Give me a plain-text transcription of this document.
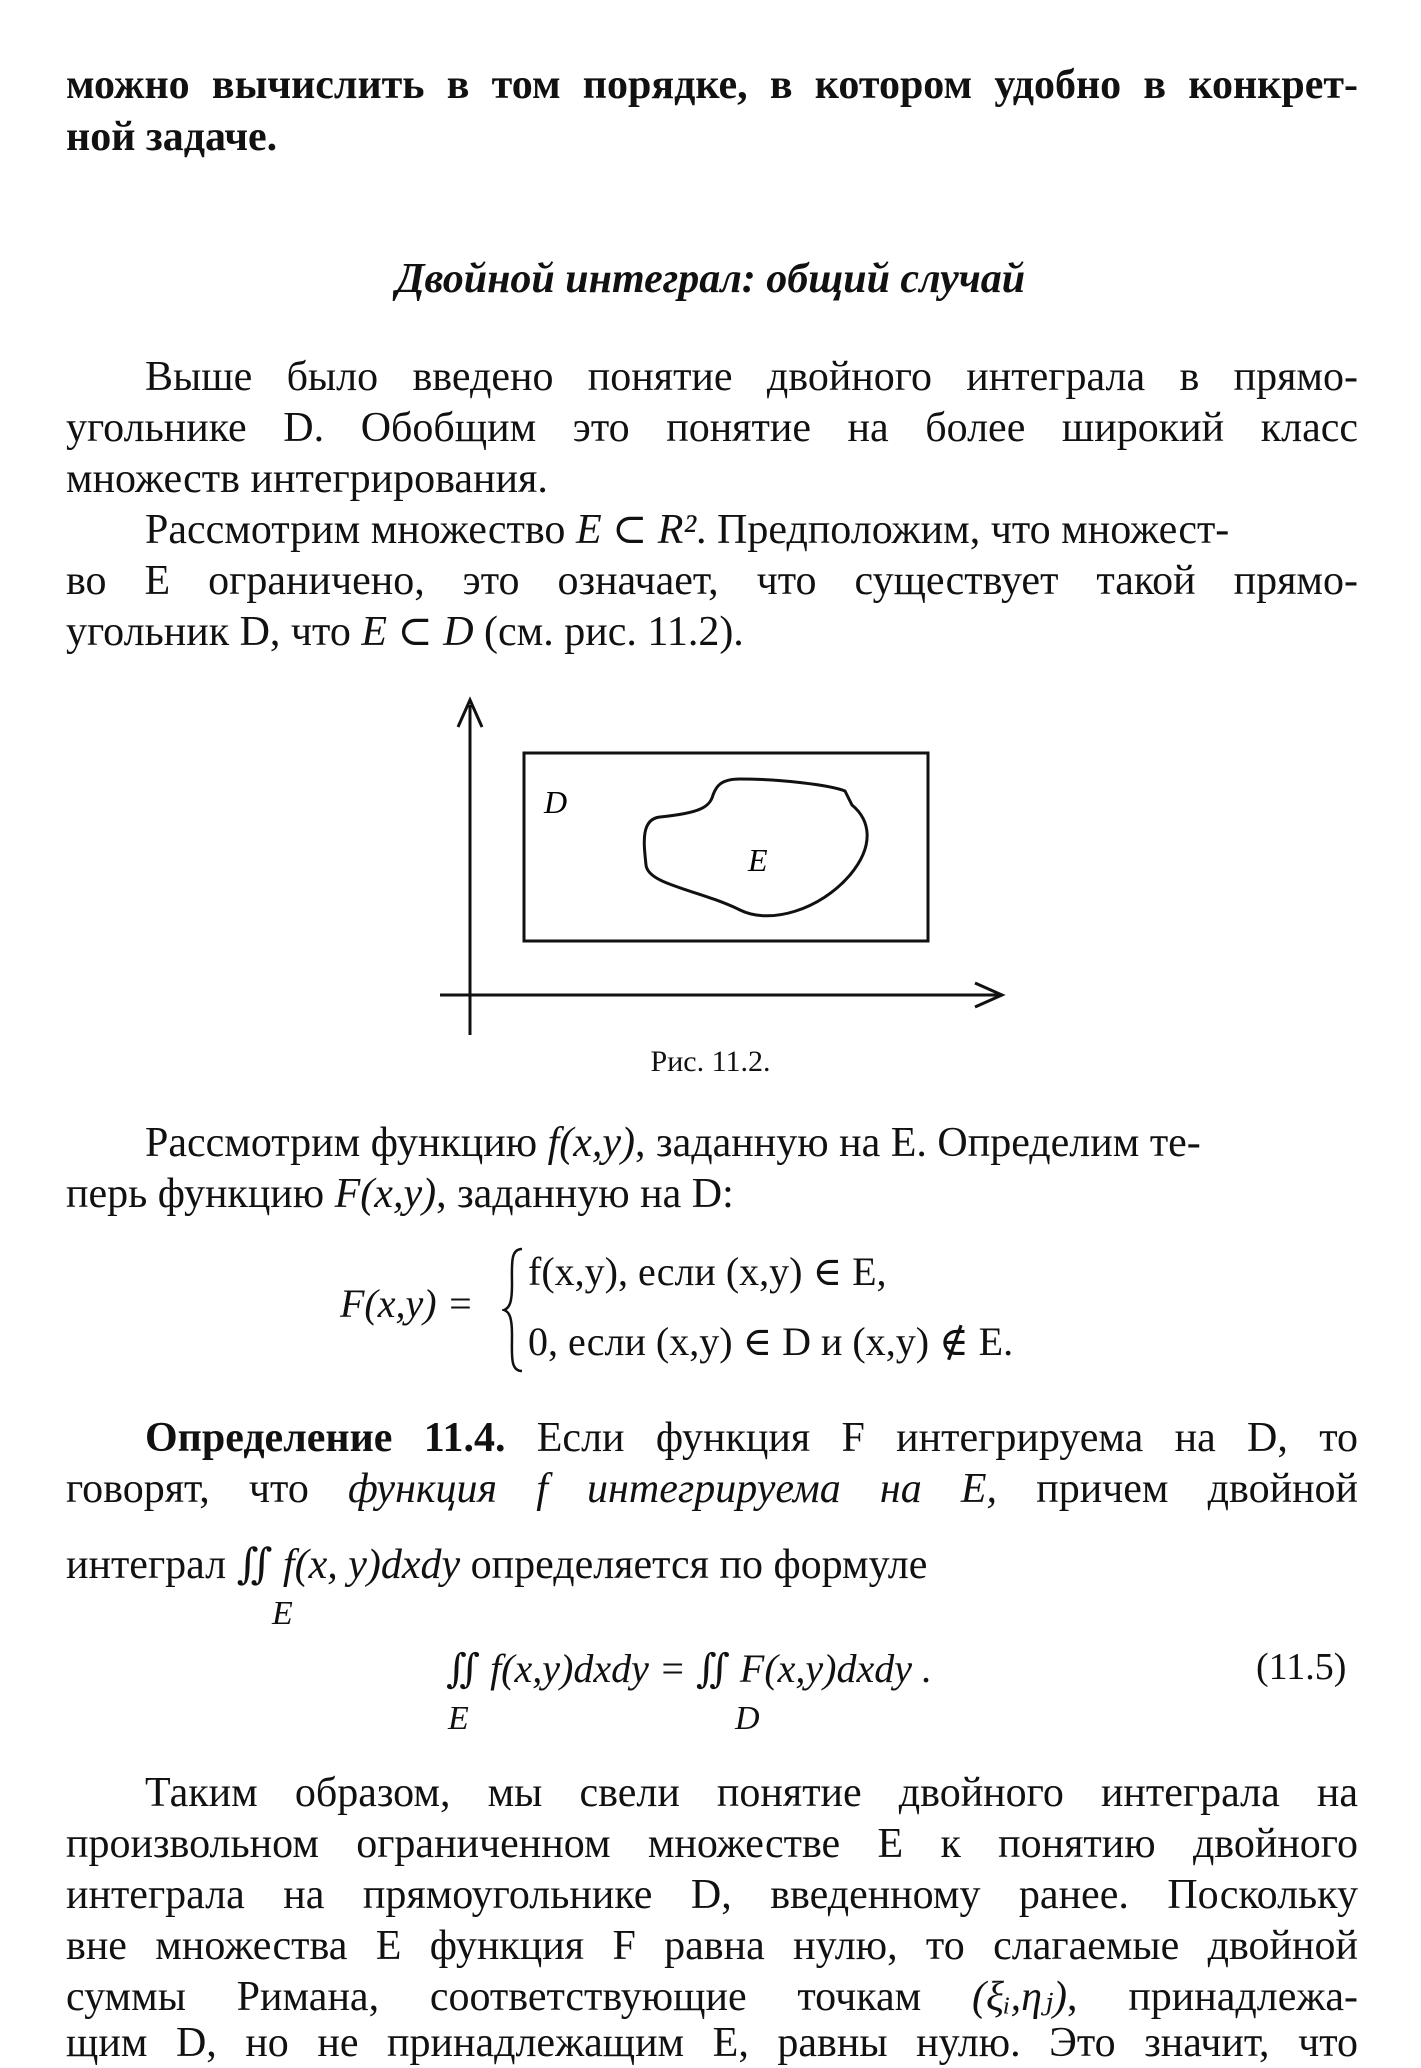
можно вычислить в том порядке, в котором удобно в конкрет-
ной задаче.
Двойной интеграл: общий случай
Выше было введено понятие двойного интеграла в прямо-
угольнике D. Обобщим это понятие на более широкий класс
множеств интегрирования.
Рассмотрим множество E ⊂ R². Предположим, что множест-
во E ограничено, это означает, что существует такой прямо-
угольник D, что E ⊂ D (см. рис. 11.2).
D
E
Рис. 11.2.
Рассмотрим функцию f(x,y), заданную на E. Определим те-
перь функцию F(x,y), заданную на D:
F(x,y) =
f(x,y), если (x,y) ∈ E,
0, если (x,y) ∈ D и (x,y) ∉ E.
Определение 11.4. Если функция F интегрируема на D, то
говорят, что функция f интегрируема на E, причем двойной
интеграл ∬ f(x, y)dxdy определяется по формуле
E
∬ f(x,y)dxdy = ∬ F(x,y)dxdy .
E	D
(11.5)
Таким образом, мы свели понятие двойного интеграла на
произвольном ограниченном множестве E к понятию двойного
интеграла на прямоугольнике D, введенному ранее. Поскольку
вне множества E функция F равна нулю, то слагаемые двойной
суммы Римана, соответствующие точкам (ξᵢ,ηⱼ), принадлежа-
щим D, но не принадлежащим E, равны нулю. Это значит, что
